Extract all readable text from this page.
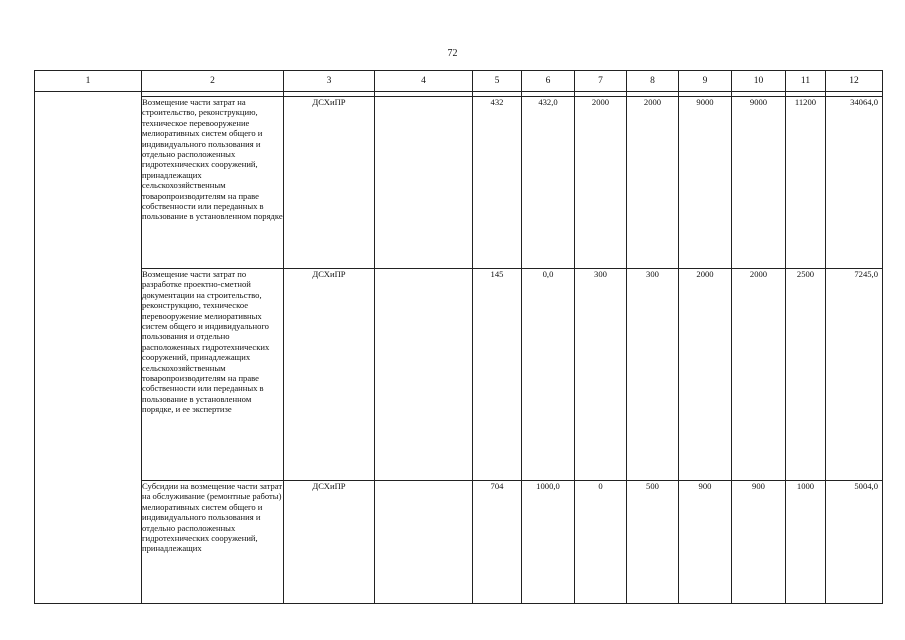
72
1	2	3	4	5	6	7	8	9	10	11	12

	Возмещение части затрат на строительство, реконструкцию, техническое перевооружение мелиоративных систем общего и индивидуального пользования и отдельно расположенных гидротехнических сооружений, принадлежащих сельскохозяйственным товаропроизводителям на праве собственности или переданных в пользование в установленном порядке	ДСХиПР		432	432,0	2000	2000	9000	9000	11200	34064,0
	Возмещение части затрат по разработке проектно-сметной документации на строительство, реконструкцию, техническое перевооружение мелиоративных систем общего и индивидуального пользования и отдельно расположенных гидротехнических сооружений, принадлежащих сельскохозяйственным товаропроизводителям на праве собственности или переданных в пользование в установленном порядке, и ее экспертизе	ДСХиПР		145	0,0	300	300	2000	2000	2500	7245,0
	Субсидии на возмещение части затрат на обслуживание (ремонтные работы) мелиоративных систем общего и индивидуального пользования и отдельно расположенных гидротехнических сооружений, принадлежащих	ДСХиПР		704	1000,0	0	500	900	900	1000	5004,0
